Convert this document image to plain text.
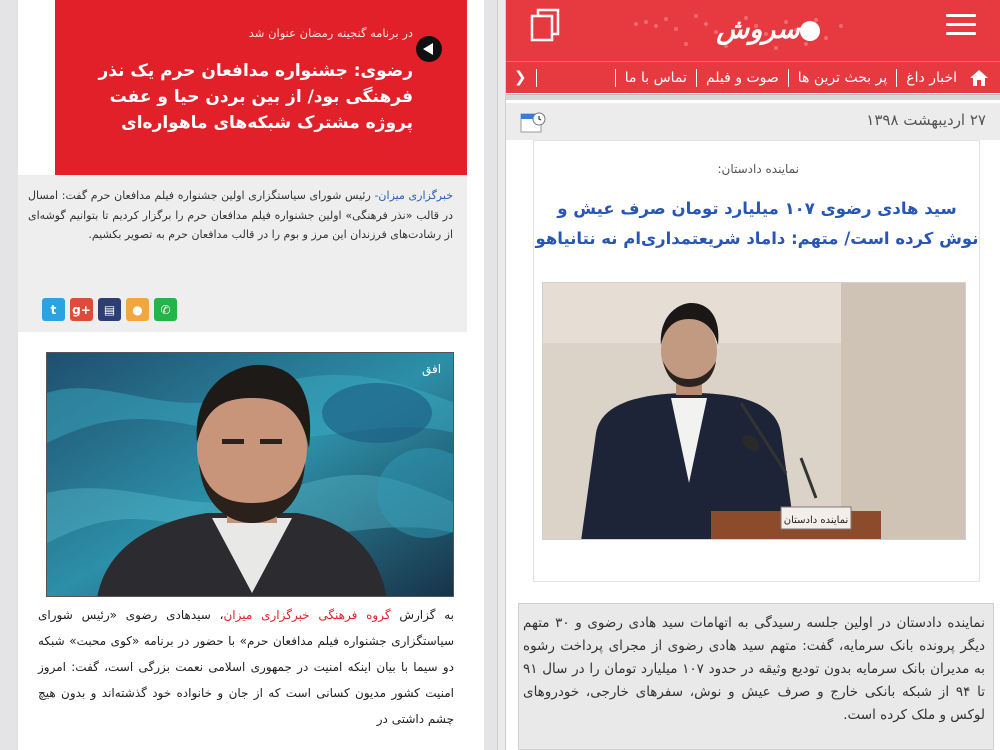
در برنامه گنجینه رمضان عنوان شد
رضوی: جشنواره مدافعان حرم یک نذر فرهنگی بود/ از بین بردن حیا و عفت پروژه مشترک شبکه‌های ماهواره‌ای
خبرگزاری میزان- رئیس شورای سیاستگزاری اولین جشنواره فیلم مدافعان حرم گفت: امسال در قالب «نذر فرهنگی» اولین جشنواره فیلم مدافعان حرم را برگزار کردیم تا بتوانیم گوشه‌ای از رشادت‌های فرزندان این مرز و بوم را در قالب مدافعان حرم به تصویر بکشیم.
t	g+	▤	●	✆
افق
به گزارش گروه فرهنگی خبرگزاری میزان، سیدهادی رضوی «رئیس شورای سیاستگزاری جشنواره فیلم مدافعان حرم» با حضور در برنامه «کوی محبت» شبکه دو سیما با بیان اینکه امنیت در جمهوری اسلامی نعمت بزرگی است، گفت: امروز امنیت کشور مدیون کسانی است که از جان و خانواده خود گذشته‌اند و بدون هیچ چشم داشتی در
سروش
اخبار داغ
پر بحث ترین ها
صوت و فیلم
تماس با ما
❮
۲۷ اردیبهشت ۱۳۹۸
نماینده دادستان:
سید هادی رضوی ۱۰۷ میلیارد تومان صرف عیش و نوش کرده است/ متهم: داماد شریعتمداری‌ام نه نتانیاهو
نماینده دادستان
نماینده دادستان در اولین جلسه رسیدگی به اتهامات سید هادی رضوی و ۳۰ متهم دیگر پرونده بانک سرمایه، گفت: متهم سید هادی رضوی از مجرای پرداخت رشوه به مدیران بانک سرمایه بدون تودیع وثیقه در حدود ۱۰۷ میلیارد تومان را در سال ۹۱ تا ۹۴ از شبکه بانکی خارج و صرف عیش و نوش، سفرهای خارجی، خودروهای لوکس و ملک کرده است.
